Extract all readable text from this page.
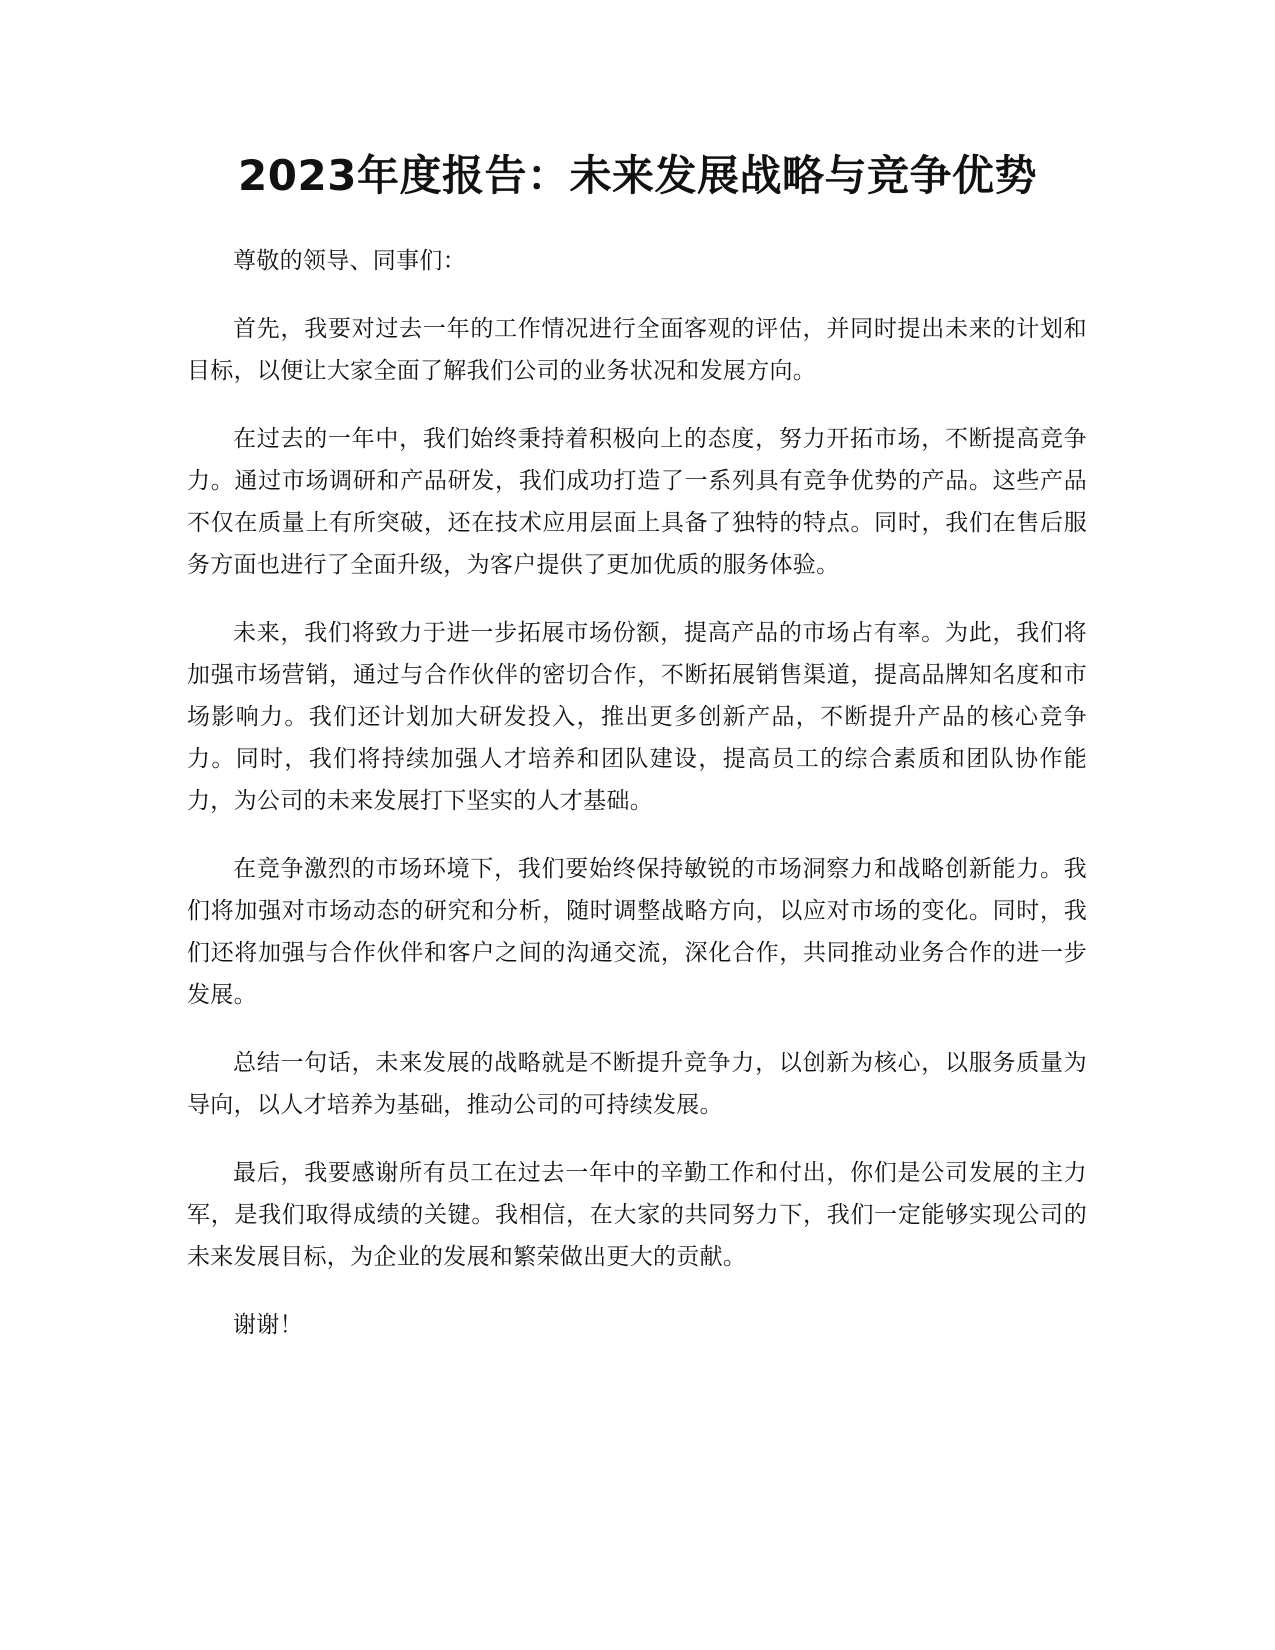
2023年度报告：未来发展战略与竞争优势

尊敬的领导、同事们：

首先，我要对过去一年的工作情况进行全面客观的评估，并同时提出未来的计划和目标，以便让大家全面了解我们公司的业务状况和发展方向。

在过去的一年中，我们始终秉持着积极向上的态度，努力开拓市场，不断提高竞争力。通过市场调研和产品研发，我们成功打造了一系列具有竞争优势的产品。这些产品不仅在质量上有所突破，还在技术应用层面上具备了独特的特点。同时，我们在售后服务方面也进行了全面升级，为客户提供了更加优质的服务体验。

未来，我们将致力于进一步拓展市场份额，提高产品的市场占有率。为此，我们将加强市场营销，通过与合作伙伴的密切合作，不断拓展销售渠道，提高品牌知名度和市场影响力。我们还计划加大研发投入，推出更多创新产品，不断提升产品的核心竞争力。同时，我们将持续加强人才培养和团队建设，提高员工的综合素质和团队协作能力，为公司的未来发展打下坚实的人才基础。

在竞争激烈的市场环境下，我们要始终保持敏锐的市场洞察力和战略创新能力。我们将加强对市场动态的研究和分析，随时调整战略方向，以应对市场的变化。同时，我们还将加强与合作伙伴和客户之间的沟通交流，深化合作，共同推动业务合作的进一步发展。

总结一句话，未来发展的战略就是不断提升竞争力，以创新为核心，以服务质量为导向，以人才培养为基础，推动公司的可持续发展。

最后，我要感谢所有员工在过去一年中的辛勤工作和付出，你们是公司发展的主力军，是我们取得成绩的关键。我相信，在大家的共同努力下，我们一定能够实现公司的未来发展目标，为企业的发展和繁荣做出更大的贡献。

谢谢！
